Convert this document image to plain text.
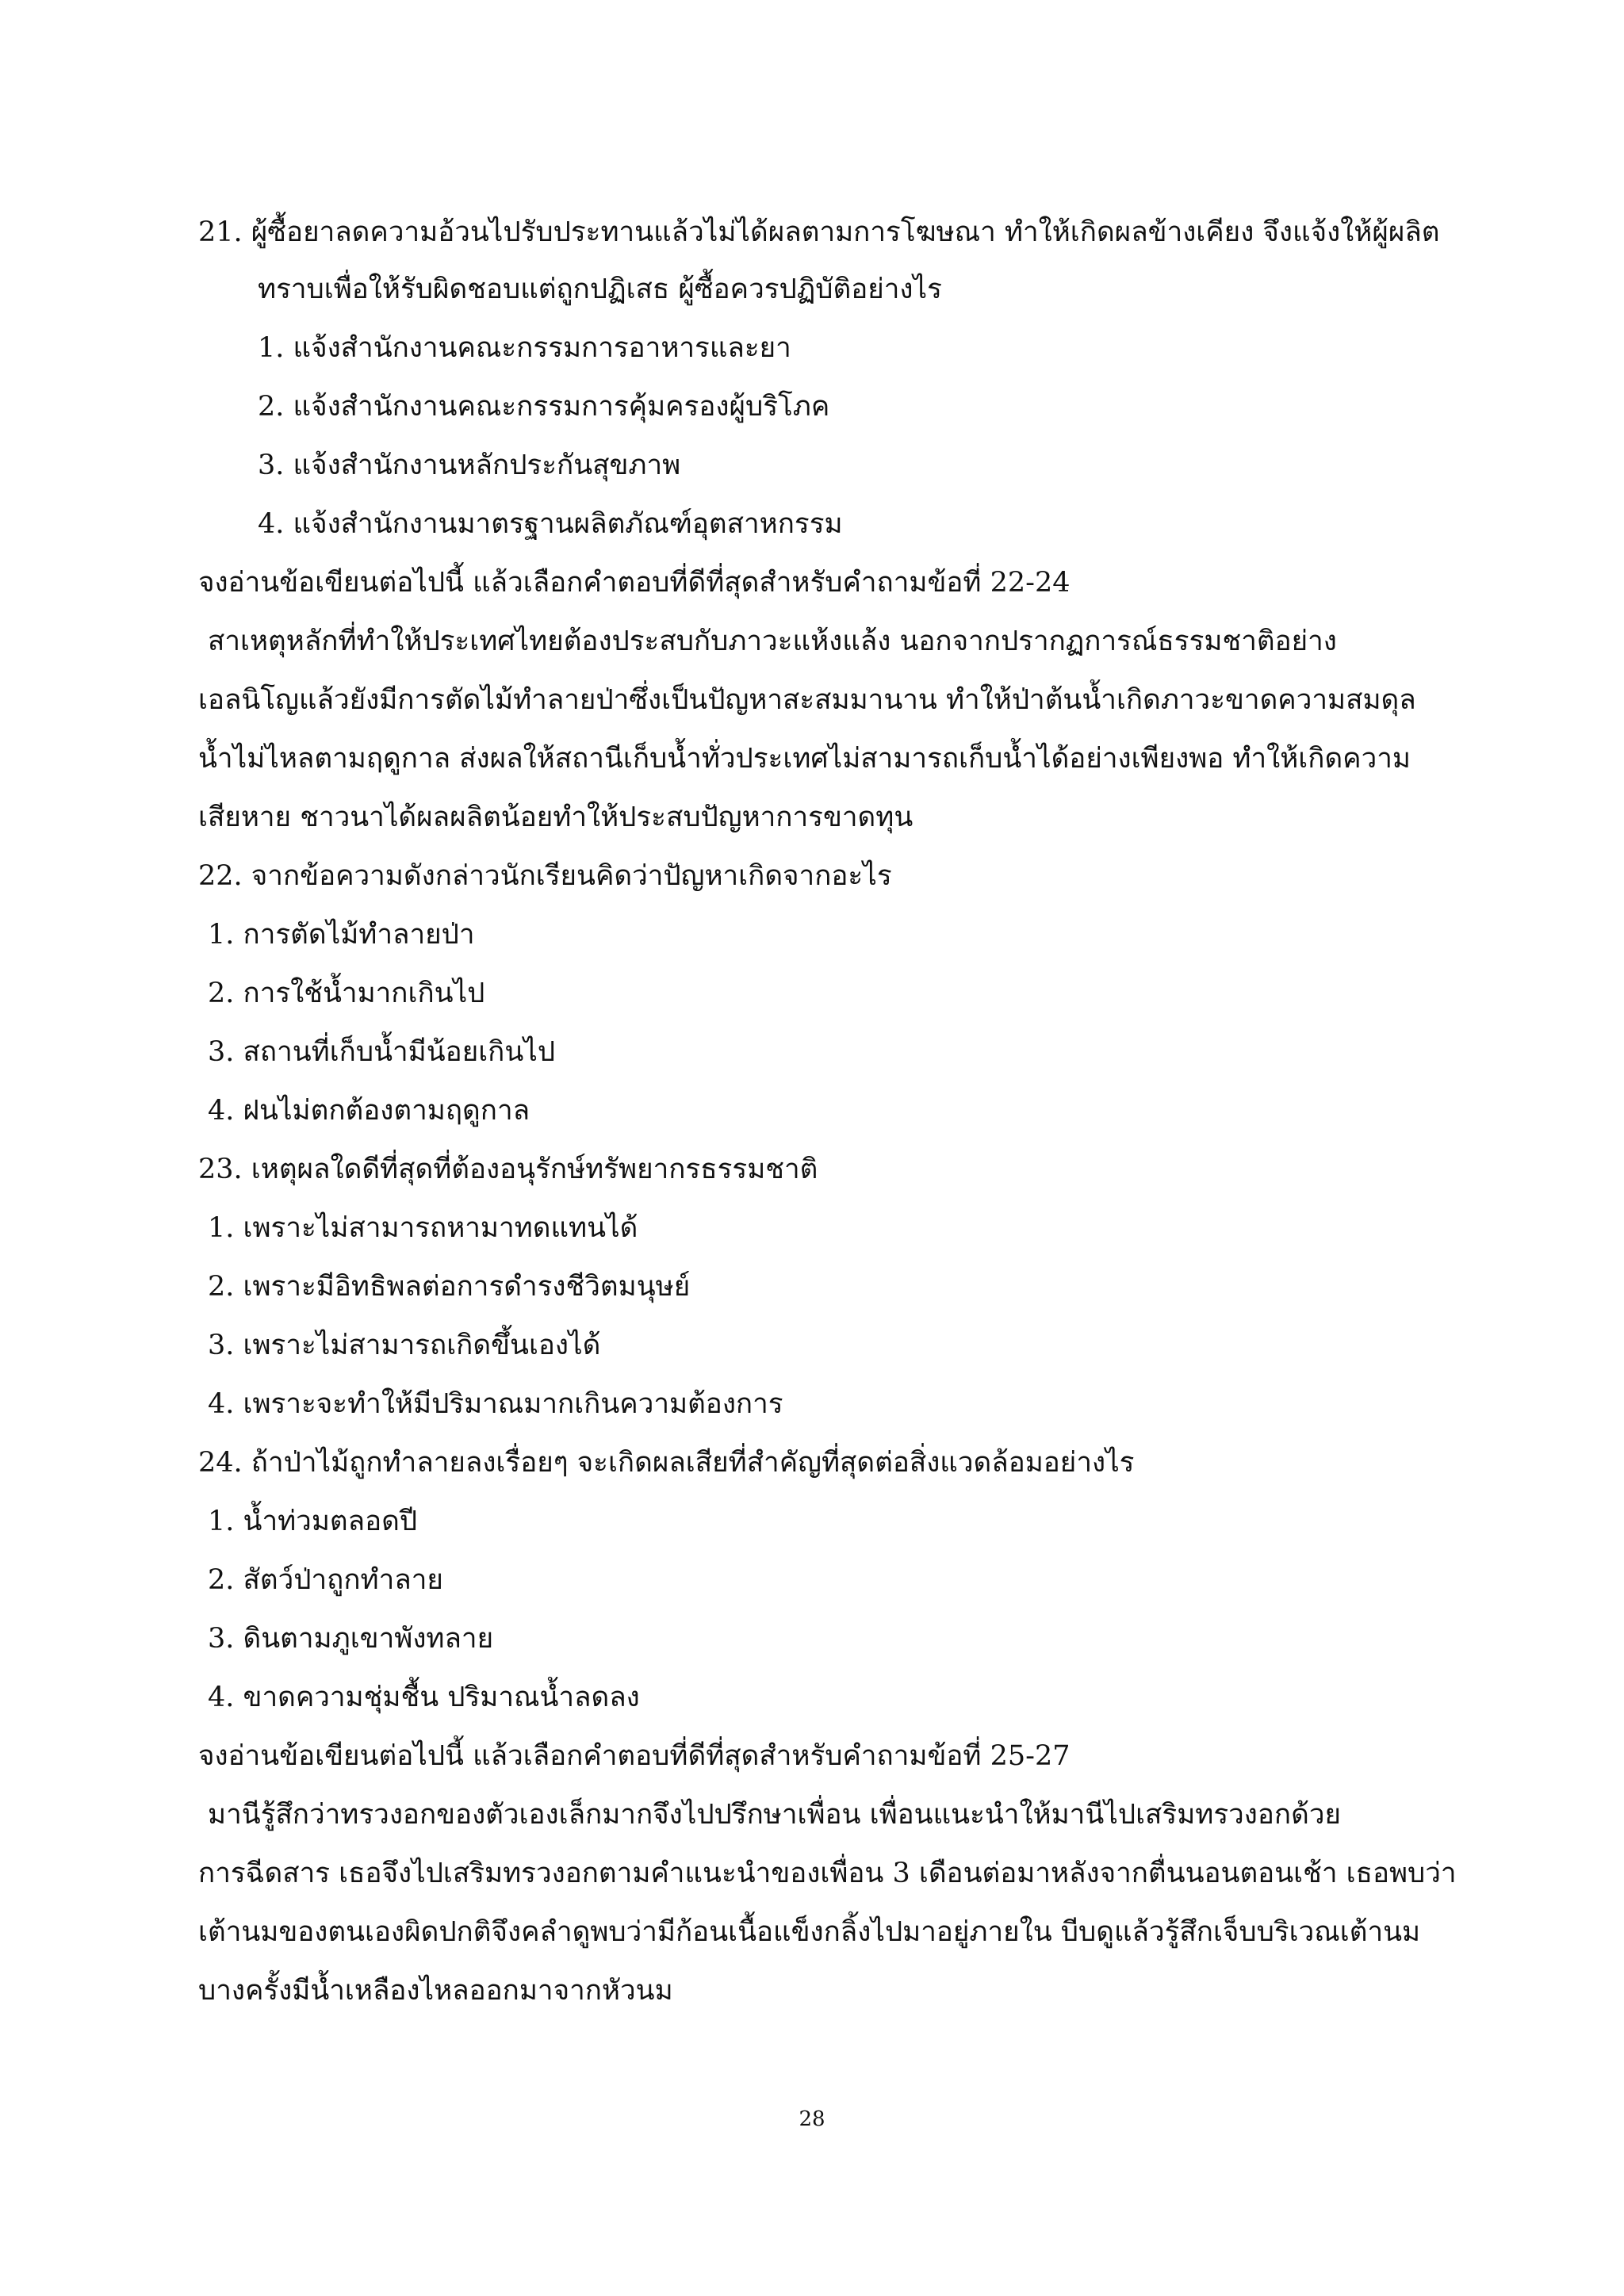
21. ผู้ซื้อยาลดความอ้วนไปรับประทานแล้วไม่ได้ผลตามการโฆษณา ทำให้เกิดผลข้างเคียง จึงแจ้งให้ผู้ผลิต
ทราบเพื่อให้รับผิดชอบแต่ถูกปฏิเสธ ผู้ซื้อควรปฏิบัติอย่างไร
1. แจ้งสำนักงานคณะกรรมการอาหารและยา
2. แจ้งสำนักงานคณะกรรมการคุ้มครองผู้บริโภค
3. แจ้งสำนักงานหลักประกันสุขภาพ
4. แจ้งสำนักงานมาตรฐานผลิตภัณฑ์อุตสาหกรรม
จงอ่านข้อเขียนต่อไปนี้ แล้วเลือกคำตอบที่ดีที่สุดสำหรับคำถามข้อที่ 22-24
สาเหตุหลักที่ทำให้ประเทศไทยต้องประสบกับภาวะแห้งแล้ง นอกจากปรากฏการณ์ธรรมชาติอย่าง
เอลนิโญแล้วยังมีการตัดไม้ทำลายป่าซึ่งเป็นปัญหาสะสมมานาน ทำให้ป่าต้นน้ำเกิดภาวะขาดความสมดุล
น้ำไม่ไหลตามฤดูกาล ส่งผลให้สถานีเก็บน้ำทั่วประเทศไม่สามารถเก็บน้ำได้อย่างเพียงพอ ทำให้เกิดความ
เสียหาย ชาวนาได้ผลผลิตน้อยทำให้ประสบปัญหาการขาดทุน
22. จากข้อความดังกล่าวนักเรียนคิดว่าปัญหาเกิดจากอะไร
1. การตัดไม้ทำลายป่า
2. การใช้น้ำมากเกินไป
3. สถานที่เก็บน้ำมีน้อยเกินไป
4. ฝนไม่ตกต้องตามฤดูกาล
23. เหตุผลใดดีที่สุดที่ต้องอนุรักษ์ทรัพยากรธรรมชาติ
1. เพราะไม่สามารถหามาทดแทนได้
2. เพราะมีอิทธิพลต่อการดำรงชีวิตมนุษย์
3. เพราะไม่สามารถเกิดขึ้นเองได้
4. เพราะจะทำให้มีปริมาณมากเกินความต้องการ
24. ถ้าป่าไม้ถูกทำลายลงเรื่อยๆ จะเกิดผลเสียที่สำคัญที่สุดต่อสิ่งแวดล้อมอย่างไร
1. น้ำท่วมตลอดปี
2. สัตว์ป่าถูกทำลาย
3. ดินตามภูเขาพังทลาย
4. ขาดความชุ่มชื้น ปริมาณน้ำลดลง
จงอ่านข้อเขียนต่อไปนี้ แล้วเลือกคำตอบที่ดีที่สุดสำหรับคำถามข้อที่ 25-27
มานีรู้สึกว่าทรวงอกของตัวเองเล็กมากจึงไปปรึกษาเพื่อน เพื่อนแนะนำให้มานีไปเสริมทรวงอกด้วย
การฉีดสาร เธอจึงไปเสริมทรวงอกตามคำแนะนำของเพื่อน 3 เดือนต่อมาหลังจากตื่นนอนตอนเช้า เธอพบว่า
เต้านมของตนเองผิดปกติจึงคลำดูพบว่ามีก้อนเนื้อแข็งกลิ้งไปมาอยู่ภายใน บีบดูแล้วรู้สึกเจ็บบริเวณเต้านม
บางครั้งมีน้ำเหลืองไหลออกมาจากหัวนม
28
